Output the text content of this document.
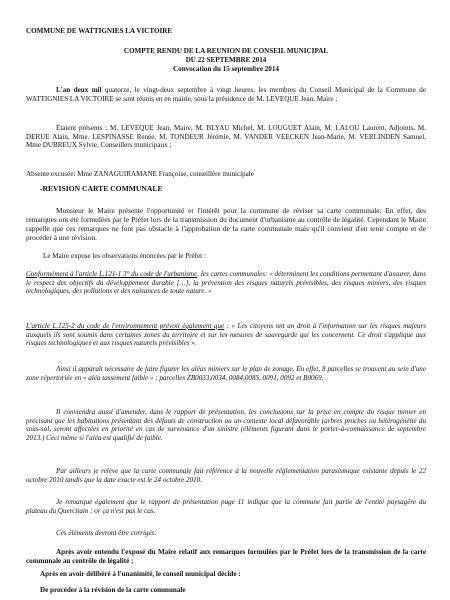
COMMUNE DE WATTIGNIES LA VICTOIRE

COMPTE RENDU DE LA REUNION DE CONSEIL MUNICIPAL

DU 22 SEPTEMBRE 2014

Convocation du 15 septembre 2014

L'an deux mil quatorze, le vingt-deux septembre à vingt heures, les membres du Conseil Municipal de la Commune de WATTIGNIES LA VICTOIRE se sont réunis en en mairie, sous la présidence de M. LEVEQUE Jean, Maire ;

Etaient présents : M. LEVEQUE Jean, Maire, M. BLYAU Michel, M. LOUGUET Alain, M. LALOU Laurent, Adjoints, M. DERUE Alain, Mme. LESPINASSE Renée, M. TONDEUR Jérémie, M. VANDER VEECKEN Jean-Marie, M. VERLINDEN Samuel, Mme DUBREUX Sylvie, Conseillers municipaux ;

Absente excusée: Mme ZANAGUIRAMANE Françoise, conseillère municipale

-REVISION CARTE COMMUNALE

Monsieur le Maire présente l'opportunité et l'intérêt pour la commune de réviser sa carte communale. En effet, des remarques ont été formulées par le Préfet lors de la transmission du document d'urbanisme au contrôle de légalité. Cependant le Maire rappelle que ces remarques ne font pas obstacle à l'approbation de la carte communale mais qu'il convient d'en tenir compte et de procéder à une révision.

Le Maire expose les observations énoncées par le Préfet :

Conformément à l'article L.121-1 3° du code de l'urbanisme, les cartes communales: « déterminent les conditions permettant d'assurer, dans le respect des objectifs du développement durable […], la prévention des risques naturels prévisibles, des risques miniers, des risques technologiques, des pollutions et des nuisances de toute nature. »

L'article L.125-2 du code de l'environnement prévoit également que : « Les citoyens ont un droit à l'information sur les risques majeurs auxquels ils sont soumis dans certaines zones du territoire et sur les mesures de sauvegarde qui les concernent. Ce droit s'applique aux risques technologiques et aux risques naturels prévisibles ».

Ainsi il apparaît nécessaire de faire figurer les aléas miniers sur le plan de zonage. En effet, 8 parcelles se trouvent au sein d'une zone répertoriée en « aléa tassement faible » ; parcelles ZB0033,0034, 0084,0085, 0091, 0092 et B0069.

Il conviendra aussi d'amender, dans le rapport de présentation, les conclusions sur la prise en compte du risque minier en précisant que les habitations présentant des défauts de construction ou un contexte local défavorable (arbres proches ou hétérogénéité du sous-sol, seront affectées en priorité en cas de survenance d'un sinistre (éléments figurant dans le porter-à-connaissance de septembre 2013.) Ceci même si l'aléa est qualifié de faible.

Par ailleurs je relève que la carte communale fait référence à la nouvelle réglementation parasismique existante depuis le 22 octobre 2010 tandis que la date exacte est le 24 octobre 2010.

Je remarque également que le rapport de présentation page 11 indique que la commune fait partie de l'entité paysagère du plateau du Quercitain ; or ça n'est pas le cas.

Ces éléments devront être corrigés.

Après avoir entendu l'exposé du Maire relatif aux remarques formulées par le Préfet lors de la transmission de la carte communale au contrôle de légalité ;

Après en avoir délibéré à l'unanimité, le conseil municipal décide :

De procéder à la révision de la carte communale
